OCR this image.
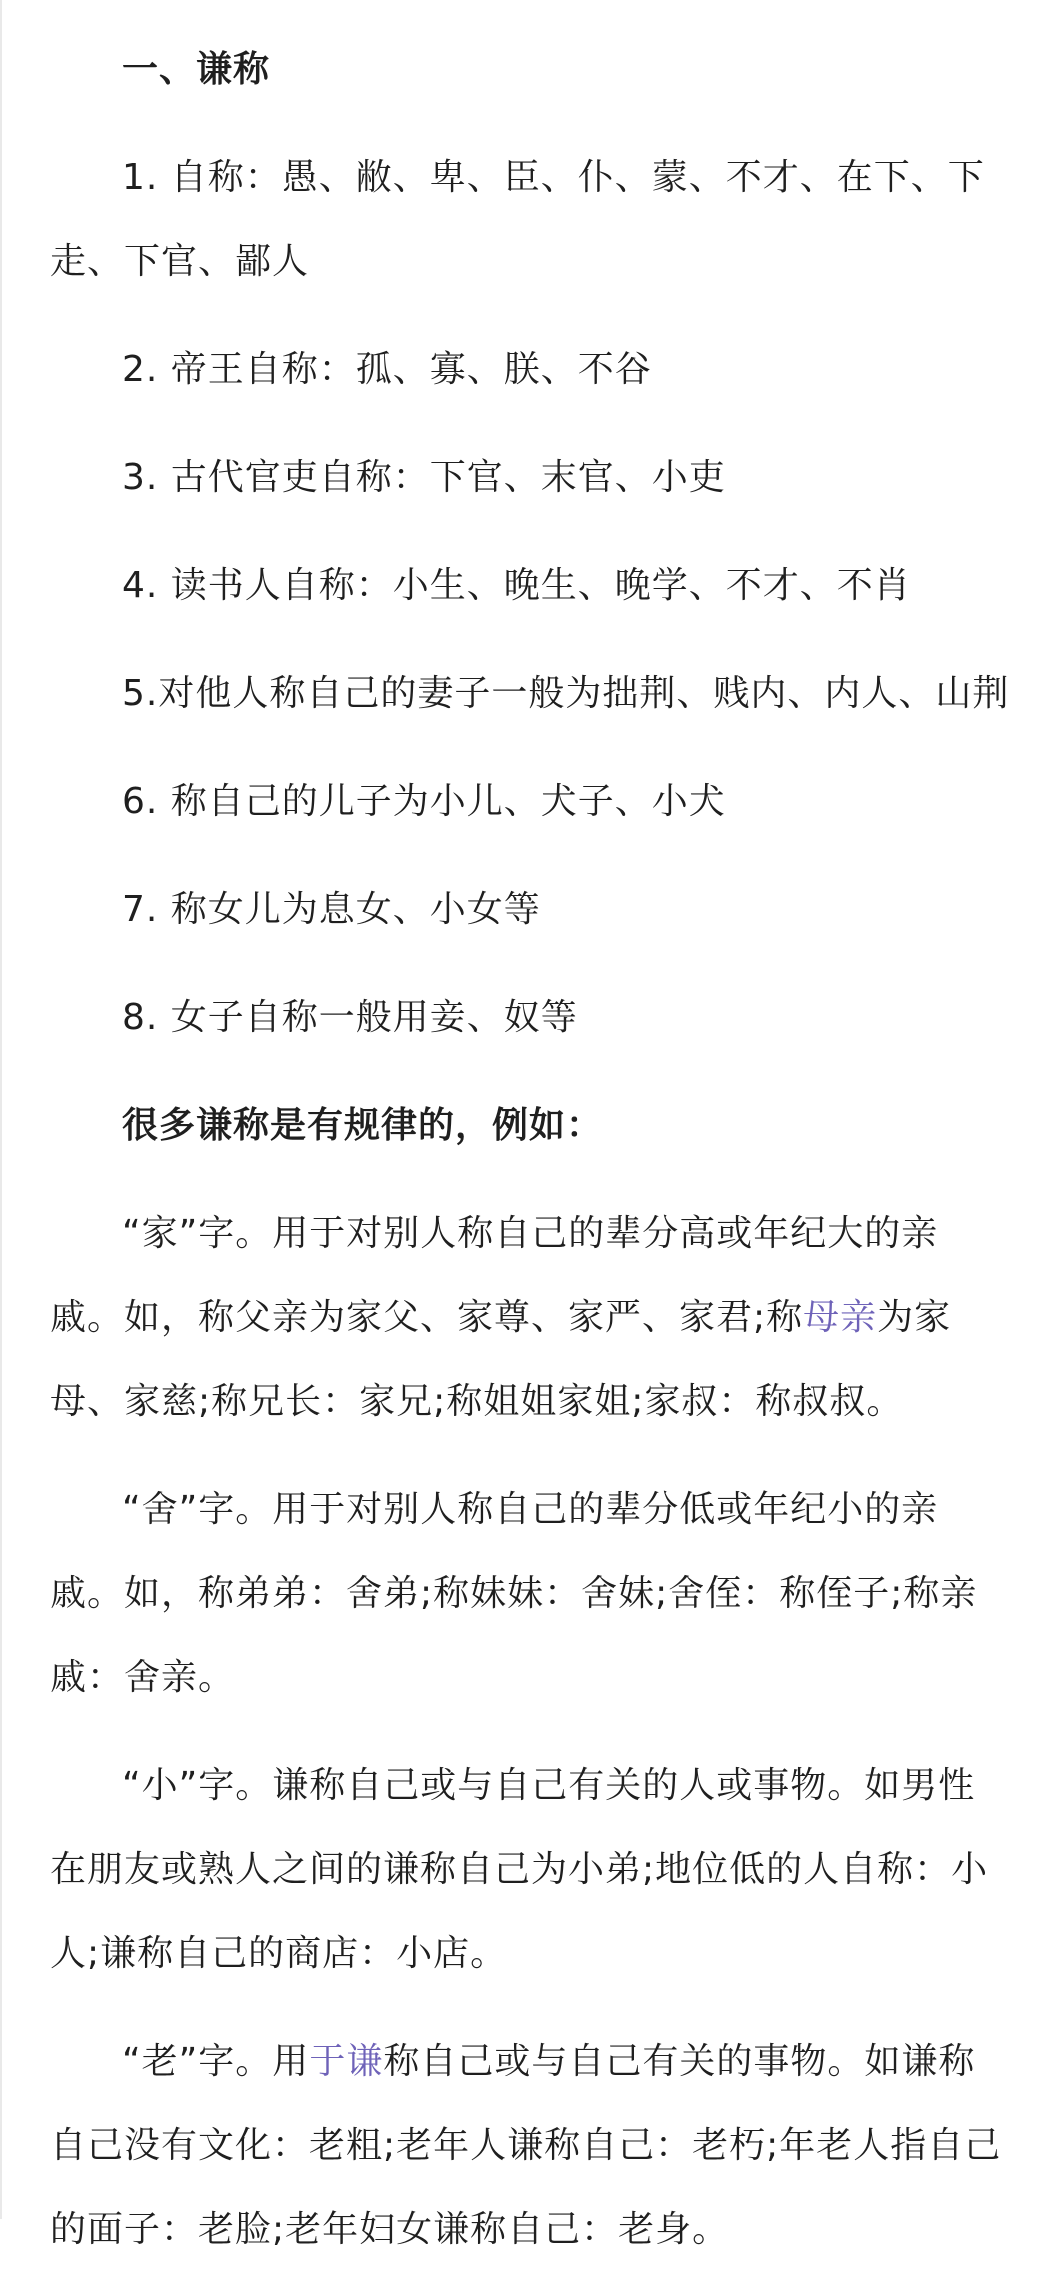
一、谦称

1. 自称：愚、敝、卑、臣、仆、蒙、不才、在下、下走、下官、鄙人

2. 帝王自称：孤、寡、朕、不谷

3. 古代官吏自称：下官、末官、小吏

4. 读书人自称：小生、晚生、晚学、不才、不肖

5.对他人称自己的妻子一般为拙荆、贱内、内人、山荆

6. 称自己的儿子为小儿、犬子、小犬

7. 称女儿为息女、小女等

8. 女子自称一般用妾、奴等

很多谦称是有规律的，例如：

“家”字。用于对别人称自己的辈分高或年纪大的亲戚。如，称父亲为家父、家尊、家严、家君;称母亲为家母、家慈;称兄长：家兄;称姐姐家姐;家叔：称叔叔。

“舍”字。用于对别人称自己的辈分低或年纪小的亲戚。如，称弟弟：舍弟;称妹妹：舍妹;舍侄：称侄子;称亲戚：舍亲。

“小”字。谦称自己或与自己有关的人或事物。如男性在朋友或熟人之间的谦称自己为小弟;地位低的人自称：小人;谦称自己的商店：小店。

“老”字。用于谦称自己或与自己有关的事物。如谦称自己没有文化：老粗;老年人谦称自己：老朽;年老人指自己的面子：老脸;老年妇女谦称自己：老身。
